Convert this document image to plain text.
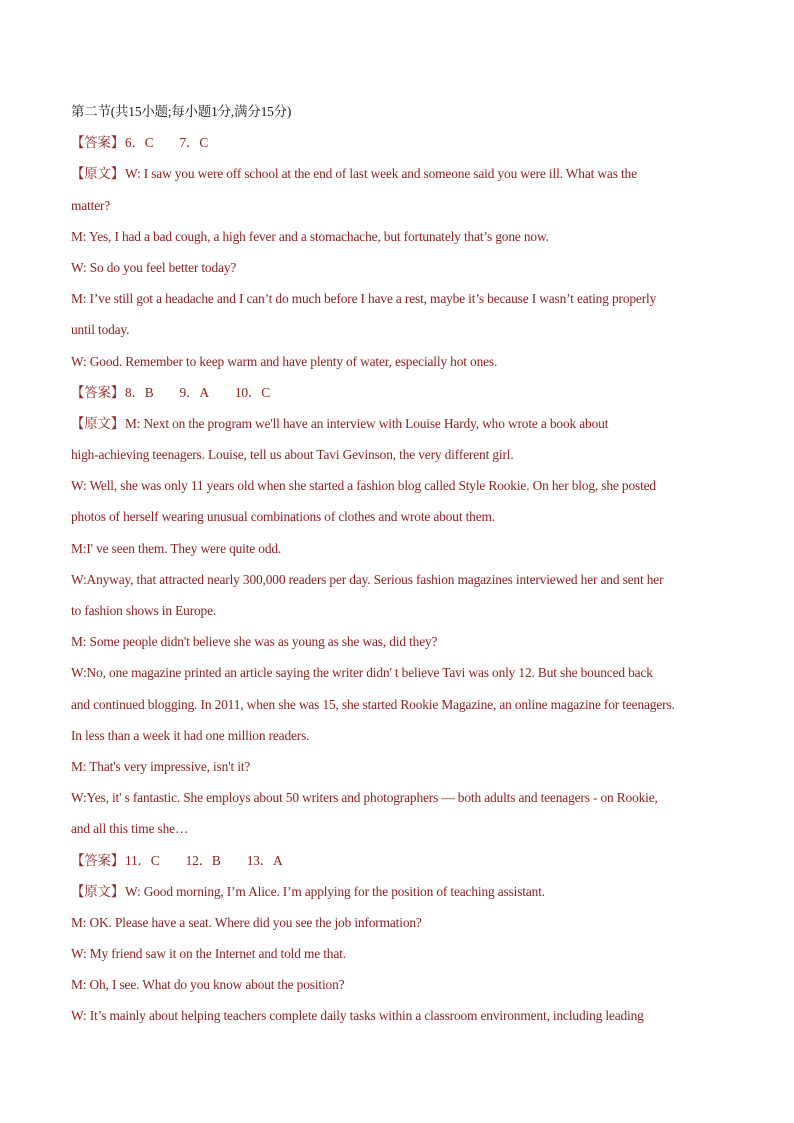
第二节(共15小题;每小题1分,满分15分)
【答案】6．C 7．C
【原文】W: I saw you were off school at the end of last week and someone said you were ill. What was the
matter?
M: Yes, I had a bad cough, a high fever and a stomachache, but fortunately that’s gone now.
W: So do you feel better today?
M: I’ve still got a headache and I can’t do much before I have a rest, maybe it’s because I wasn’t eating properly
until today.
W: Good. Remember to keep warm and have plenty of water, especially hot ones.
【答案】8．B 9．A 10．C
【原文】M: Next on the program we'll have an interview with Louise Hardy, who wrote a book about
high-achieving teenagers. Louise, tell us about Tavi Gevinson, the very different girl.
W: Well, she was only 11 years old when she started a fashion blog called Style Rookie. On her blog, she posted
photos of herself wearing unusual combinations of clothes and wrote about them.
M:I' ve seen them. They were quite odd.
W:Anyway, that attracted nearly 300,000 readers per day. Serious fashion magazines interviewed her and sent her
to fashion shows in Europe.
M: Some people didn't believe she was as young as she was, did they?
W:No, one magazine printed an article saying the writer didn' t believe Tavi was only 12. But she bounced back
and continued blogging. In 2011, when she was 15, she started Rookie Magazine, an online magazine for teenagers.
In less than a week it had one million readers.
M: That's very impressive, isn't it?
W:Yes, it' s fantastic. She employs about 50 writers and photographers — both adults and teenagers - on Rookie,
and all this time she…
【答案】11．C 12．B 13．A
【原文】W: Good morning, I’m Alice. I’m applying for the position of teaching assistant.
M: OK. Please have a seat. Where did you see the job information?
W: My friend saw it on the Internet and told me that.
M: Oh, I see. What do you know about the position?
W: It’s mainly about helping teachers complete daily tasks within a classroom environment, including leading
